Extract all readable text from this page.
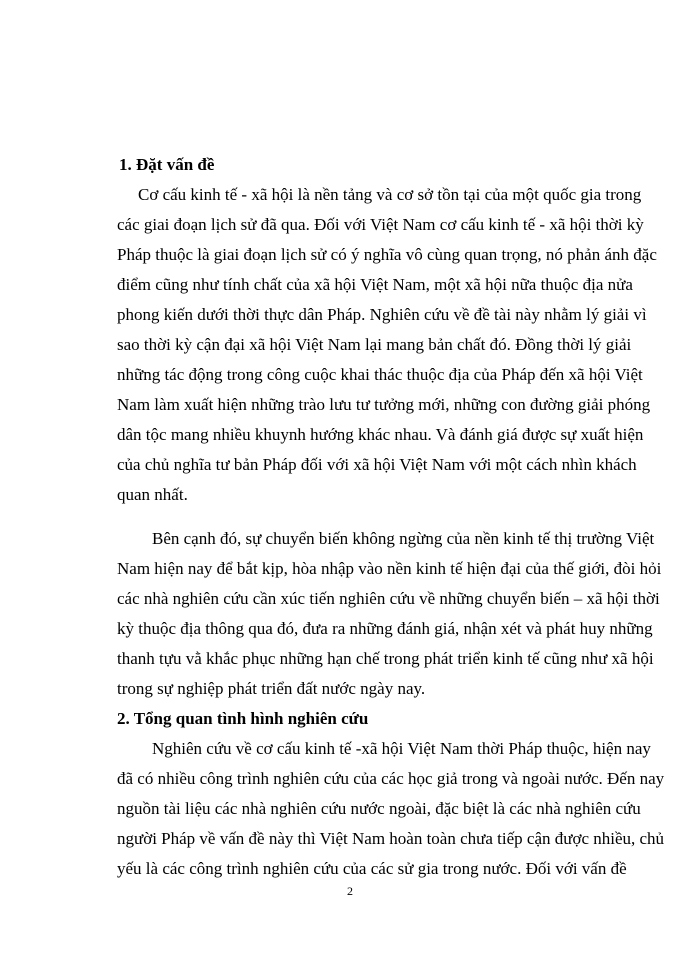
1. Đặt vấn đề
Cơ cấu kinh tế - xã hội là nền tảng và cơ sở tồn tại của một quốc gia trong
các giai đoạn lịch sử đã qua. Đối với Việt Nam cơ cấu kinh tế - xã hội thời kỳ
Pháp thuộc là giai đoạn lịch sử có ý nghĩa vô cùng quan trọng, nó phản ánh đặc
điểm cũng như tính chất của xã hội Việt Nam, một xã hội nữa thuộc địa nửa
phong kiến dưới thời thực dân Pháp. Nghiên cứu về đề tài này nhằm lý giải vì
sao thời kỳ cận đại xã hội Việt Nam lại mang bản chất đó. Đồng thời lý giải
những tác động trong công cuộc khai thác thuộc địa của Pháp đến xã hội Việt
Nam làm xuất hiện những trào lưu tư tưởng mới, những con đường giải phóng
dân tộc mang nhiều khuynh hướng khác nhau. Và đánh giá được sự xuất hiện
của chủ nghĩa tư bản Pháp đối với xã hội Việt Nam với một cách nhìn khách
quan nhất.
Bên cạnh đó, sự chuyển biến không ngừng của nền kinh tế thị trường Việt
Nam hiện nay để bắt kịp, hòa nhập vào nền kinh tế hiện đại của thế giới, đòi hỏi
các nhà nghiên cứu cần xúc tiến nghiên cứu về những chuyển biến – xã hội thời
kỳ thuộc địa thông qua đó, đưa ra những đánh giá, nhận xét và phát huy những
thanh tựu vằ khắc phục những hạn chế trong phát triển kinh tế cũng như xã hội
trong sự nghiệp phát triển đất nước ngày nay.
2. Tổng quan tình hình nghiên cứu
Nghiên cứu về cơ cấu kinh tế -xã hội Việt Nam thời Pháp thuộc, hiện nay
đã có nhiều công trình nghiên cứu của các học giả trong và ngoài nước. Đến nay
nguồn tài liệu các nhà nghiên cứu nước ngoài, đặc biệt là các nhà nghiên cứu
người Pháp về vấn đề này thì Việt Nam hoàn toàn chưa tiếp cận được nhiều, chủ
yếu là các công trình nghiên cứu của các sử gia trong nước. Đối với vấn đề
2
